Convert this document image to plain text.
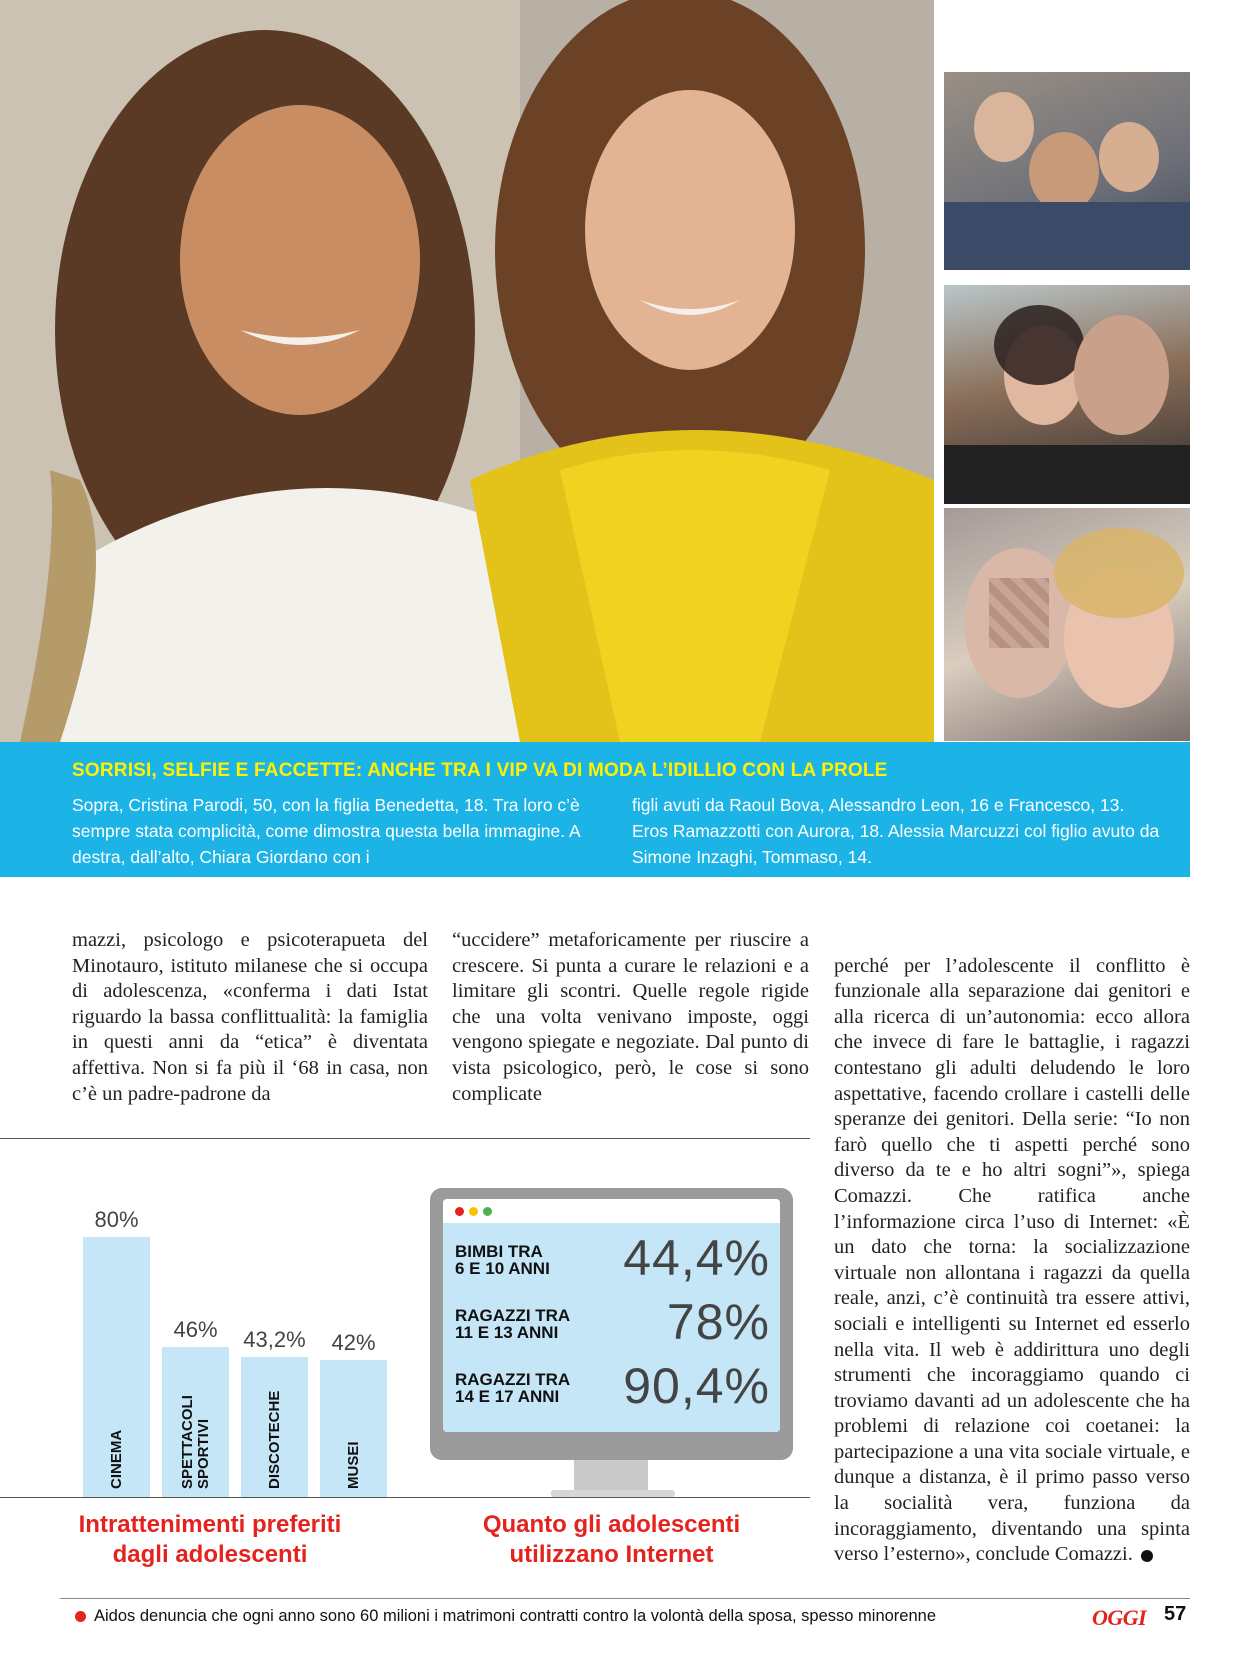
SORRISI, SELFIE E FACCETTE: ANCHE TRA I VIP VA DI MODA L’IDILLIO CON LA PROLE
Sopra, Cristina Parodi, 50, con la figlia Benedetta, 18. Tra loro c’è sempre stata complicità, come dimostra questa bella immagine. A destra, dall’alto, Chiara Giordano con i
figli avuti da Raoul Bova, Alessandro Leon, 16 e Francesco, 13. Eros Ramazzotti con Aurora, 18. Alessia Marcuzzi col figlio avuto da Simone Inzaghi, Tommaso, 14.
mazzi, psicologo e psicoterapueta del Minotauro, istituto milanese che si occupa di adolescenza, «conferma i dati Istat riguardo la bassa conflittualità: la famiglia in questi anni da “etica” è diventata affettiva. Non si fa più il ‘68 in casa, non c’è un padre-padrone da
“uccidere” metaforicamente per riuscire a crescere. Si punta a curare le relazioni e a limitare gli scontri. Quelle regole rigide che una volta venivano imposte, oggi vengono spiegate e negoziate. Dal punto di vista psicologico, però, le cose si sono complicate

perché per l’adolescente il conflitto è funzionale alla separazione dai genitori e alla ricerca di un’autonomia: ecco allora che invece di fare le battaglie, i ragazzi contestano gli adulti deludendo le loro aspettative, facendo crollare i castelli delle speranze dei genitori. Della serie: “Io non farò quello che ti aspetti perché sono diverso da te e ho altri sogni”», spiega Comazzi. Che ratifica anche l’informazione circa l’uso di Internet: «È un dato che torna: la socializzazione virtuale non allontana i ragazzi da quella reale, anzi, c’è continuità tra essere attivi, sociali e intelligenti su Internet ed esserlo nella vita. Il web è addirittura uno degli strumenti che incoraggiamo quando ci troviamo davanti ad un adolescente che ha problemi di relazione coi coetanei: la partecipazione a una vita sociale virtuale, e dunque a distanza, è il primo passo verso la socialità vera, funziona da incoraggiamento, diventando una spinta verso l’esterno», conclude Comazzi.

80%
CINEMA
46%
SPETTACOLI
SPORTIVI
43,2%
DISCOTECHE
42%
MUSEI
Intrattenimenti preferiti
dagli adolescenti
BIMBI TRA
6 E 10 ANNI 44,4%
RAGAZZI TRA
11 E 13 ANNI 78%
RAGAZZI TRA
14 E 17 ANNI 90,4%
Quanto gli adolescenti
utilizzano Internet
Aidos denuncia che ogni anno sono 60 milioni i matrimoni contratti contro la volontà della sposa, spesso minorenne	OGGI 57
